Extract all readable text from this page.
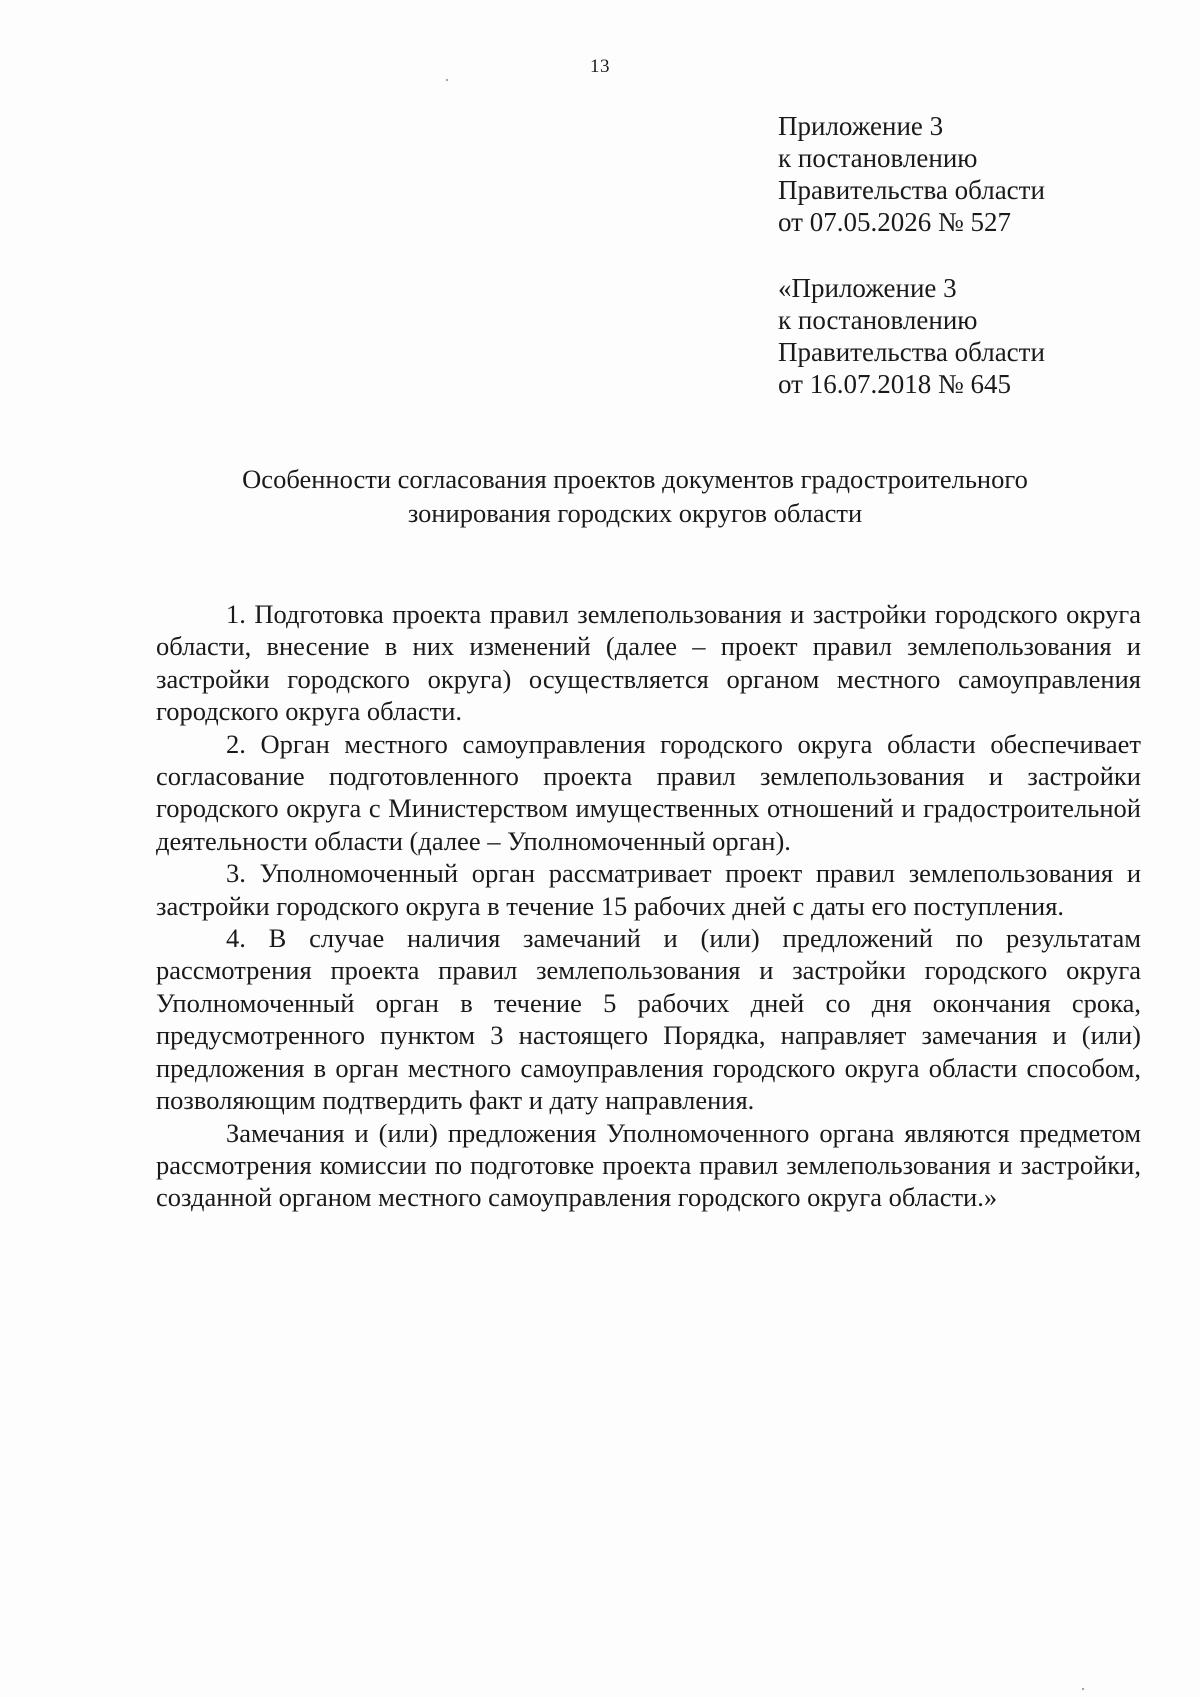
13
Приложение 3
к постановлению
Правительства области
от 07.05.2026 № 527
«Приложение 3
к постановлению
Правительства области
от 16.07.2018 № 645
Особенности согласования проектов документов градостроительного
зонирования городских округов области

1. Подготовка проекта правил землепользования и застройки городского округа области, внесение в них изменений (далее – проект правил землепользования и застройки городского округа) осуществляется органом местного самоуправления городского округа области.

2. Орган местного самоуправления городского округа области обеспечивает согласование подготовленного проекта правил землепользования и застройки городского округа с Министерством имущественных отношений и градостроительной деятельности области (далее – Уполномоченный орган).

3. Уполномоченный орган рассматривает проект правил землепользования и застройки городского округа в течение 15 рабочих дней с даты его поступления.

4. В случае наличия замечаний и (или) предложений по результатам рассмотрения проекта правил землепользования и застройки городского округа Уполномоченный орган в течение 5 рабочих дней со дня окончания срока, предусмотренного пунктом 3 настоящего Порядка, направляет замечания и (или) предложения в орган местного самоуправления городского округа области способом, позволяющим подтвердить факт и дату направления.

Замечания и (или) предложения Уполномоченного органа являются предметом рассмотрения комиссии по подготовке проекта правил землепользования и застройки, созданной органом местного самоуправления городского округа области.»
